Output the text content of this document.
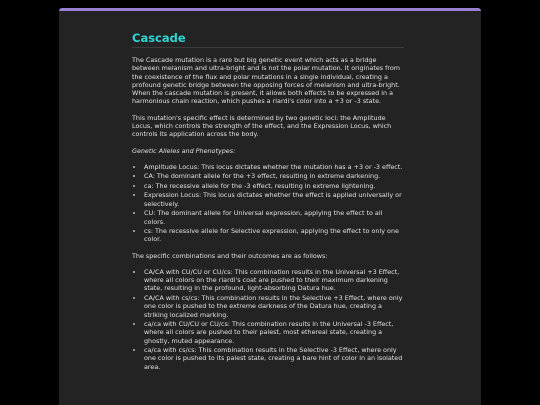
Cascade

The Cascade mutation is a rare but big genetic event which acts as a bridge between melanism and ultra-bright and is not the polar mutation. It originates from the coexistence of the flux and polar mutations in a single individual, creating a profound genetic bridge between the opposing forces of melanism and ultra-bright. When the cascade mutation is present, it allows both effects to be expressed in a harmonious chain reaction, which pushes a riardi's color into a +3 or -3 state.

This mutation's specific effect is determined by two genetic loci: the Amplitude Locus, which controls the strength of the effect, and the Expression Locus, which controls its application across the body.

Genetic Alleles and Phenotypes:

• Amplitude Locus: This locus dictates whether the mutation has a +3 or -3 effect.
• CA: The dominant allele for the +3 effect, resulting in extreme darkening.
• ca: The recessive allele for the -3 effect, resulting in extreme lightening.
• Expression Locus: This locus dictates whether the effect is applied universally or selectively.
• CU: The dominant allele for Universal expression, applying the effect to all colors.
• cs: The recessive allele for Selective expression, applying the effect to only one color.

The specific combinations and their outcomes are as follows:

• CA/CA with CU/CU or CU/cs: This combination results in the Universal +3 Effect, where all colors on the riardi's coat are pushed to their maximum darkening state, resulting in the profound, light-absorbing Datura hue.
• CA/CA with cs/cs: This combination results in the Selective +3 Effect, where only one color is pushed to the extreme darkness of the Datura hue, creating a striking localized marking.
• ca/ca with CU/CU or CU/cs: This combination results in the Universal -3 Effect, where all colors are pushed to their palest, most ethereal state, creating a ghostly, muted appearance.
• ca/ca with cs/cs: This combination results in the Selective -3 Effect, where only one color is pushed to its palest state, creating a bare hint of color in an isolated area.
